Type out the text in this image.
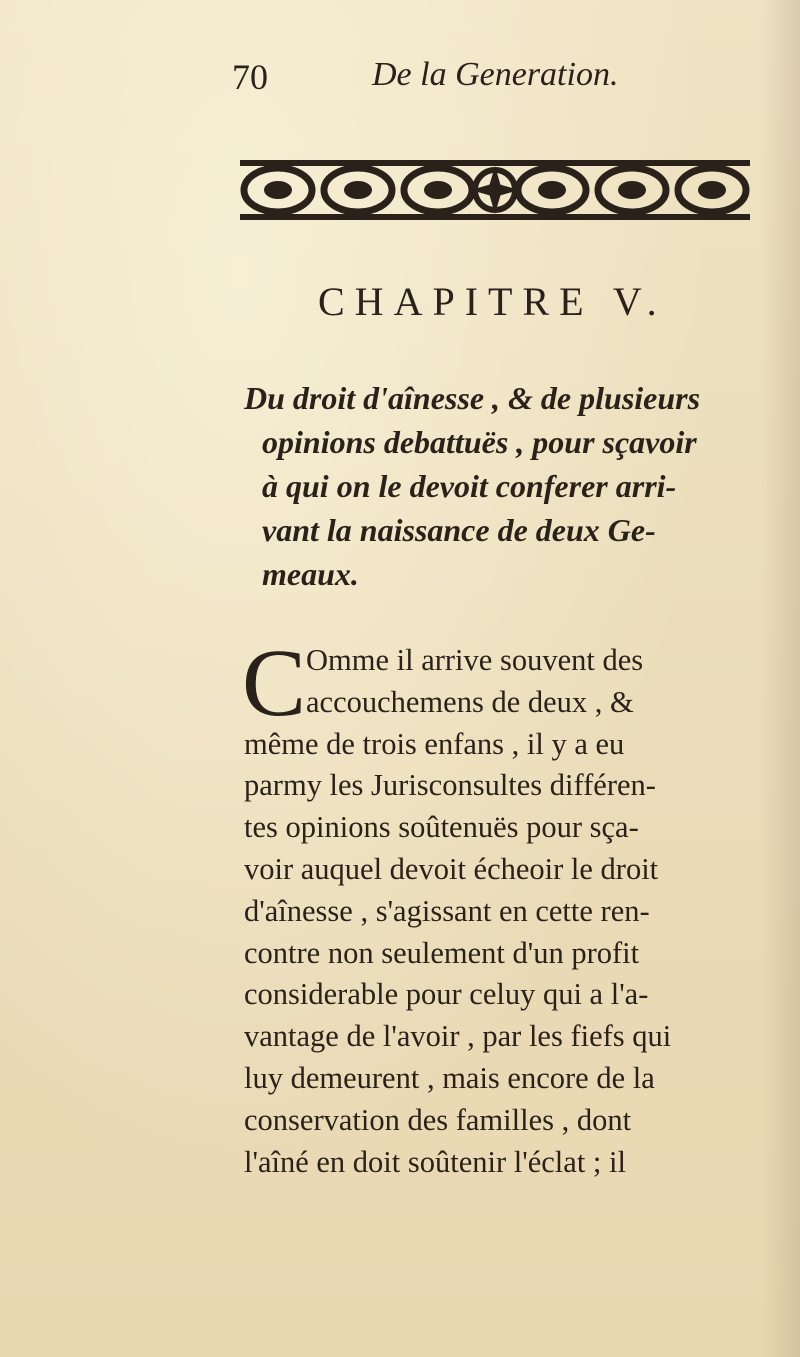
70	De la Generation.
CHAPITRE V.
Du droit d'aînesse , & de plusieurs
opinions debattuës , pour sçavoir
à qui on le devoit conferer arri-
vant la naissance de deux Ge-
meaux.
C Omme il arrive souvent des
accouchemens de deux , &
même de trois enfans , il y a eu
parmy les Jurisconsultes différen-
tes opinions soûtenuës pour sça-
voir auquel devoit écheoir le droit
d'aînesse , s'agissant en cette ren-
contre non seulement d'un profit
considerable pour celuy qui a l'a-
vantage de l'avoir , par les fiefs qui
luy demeurent , mais encore de la
conservation des familles , dont
l'aîné en doit soûtenir l'éclat ; il
